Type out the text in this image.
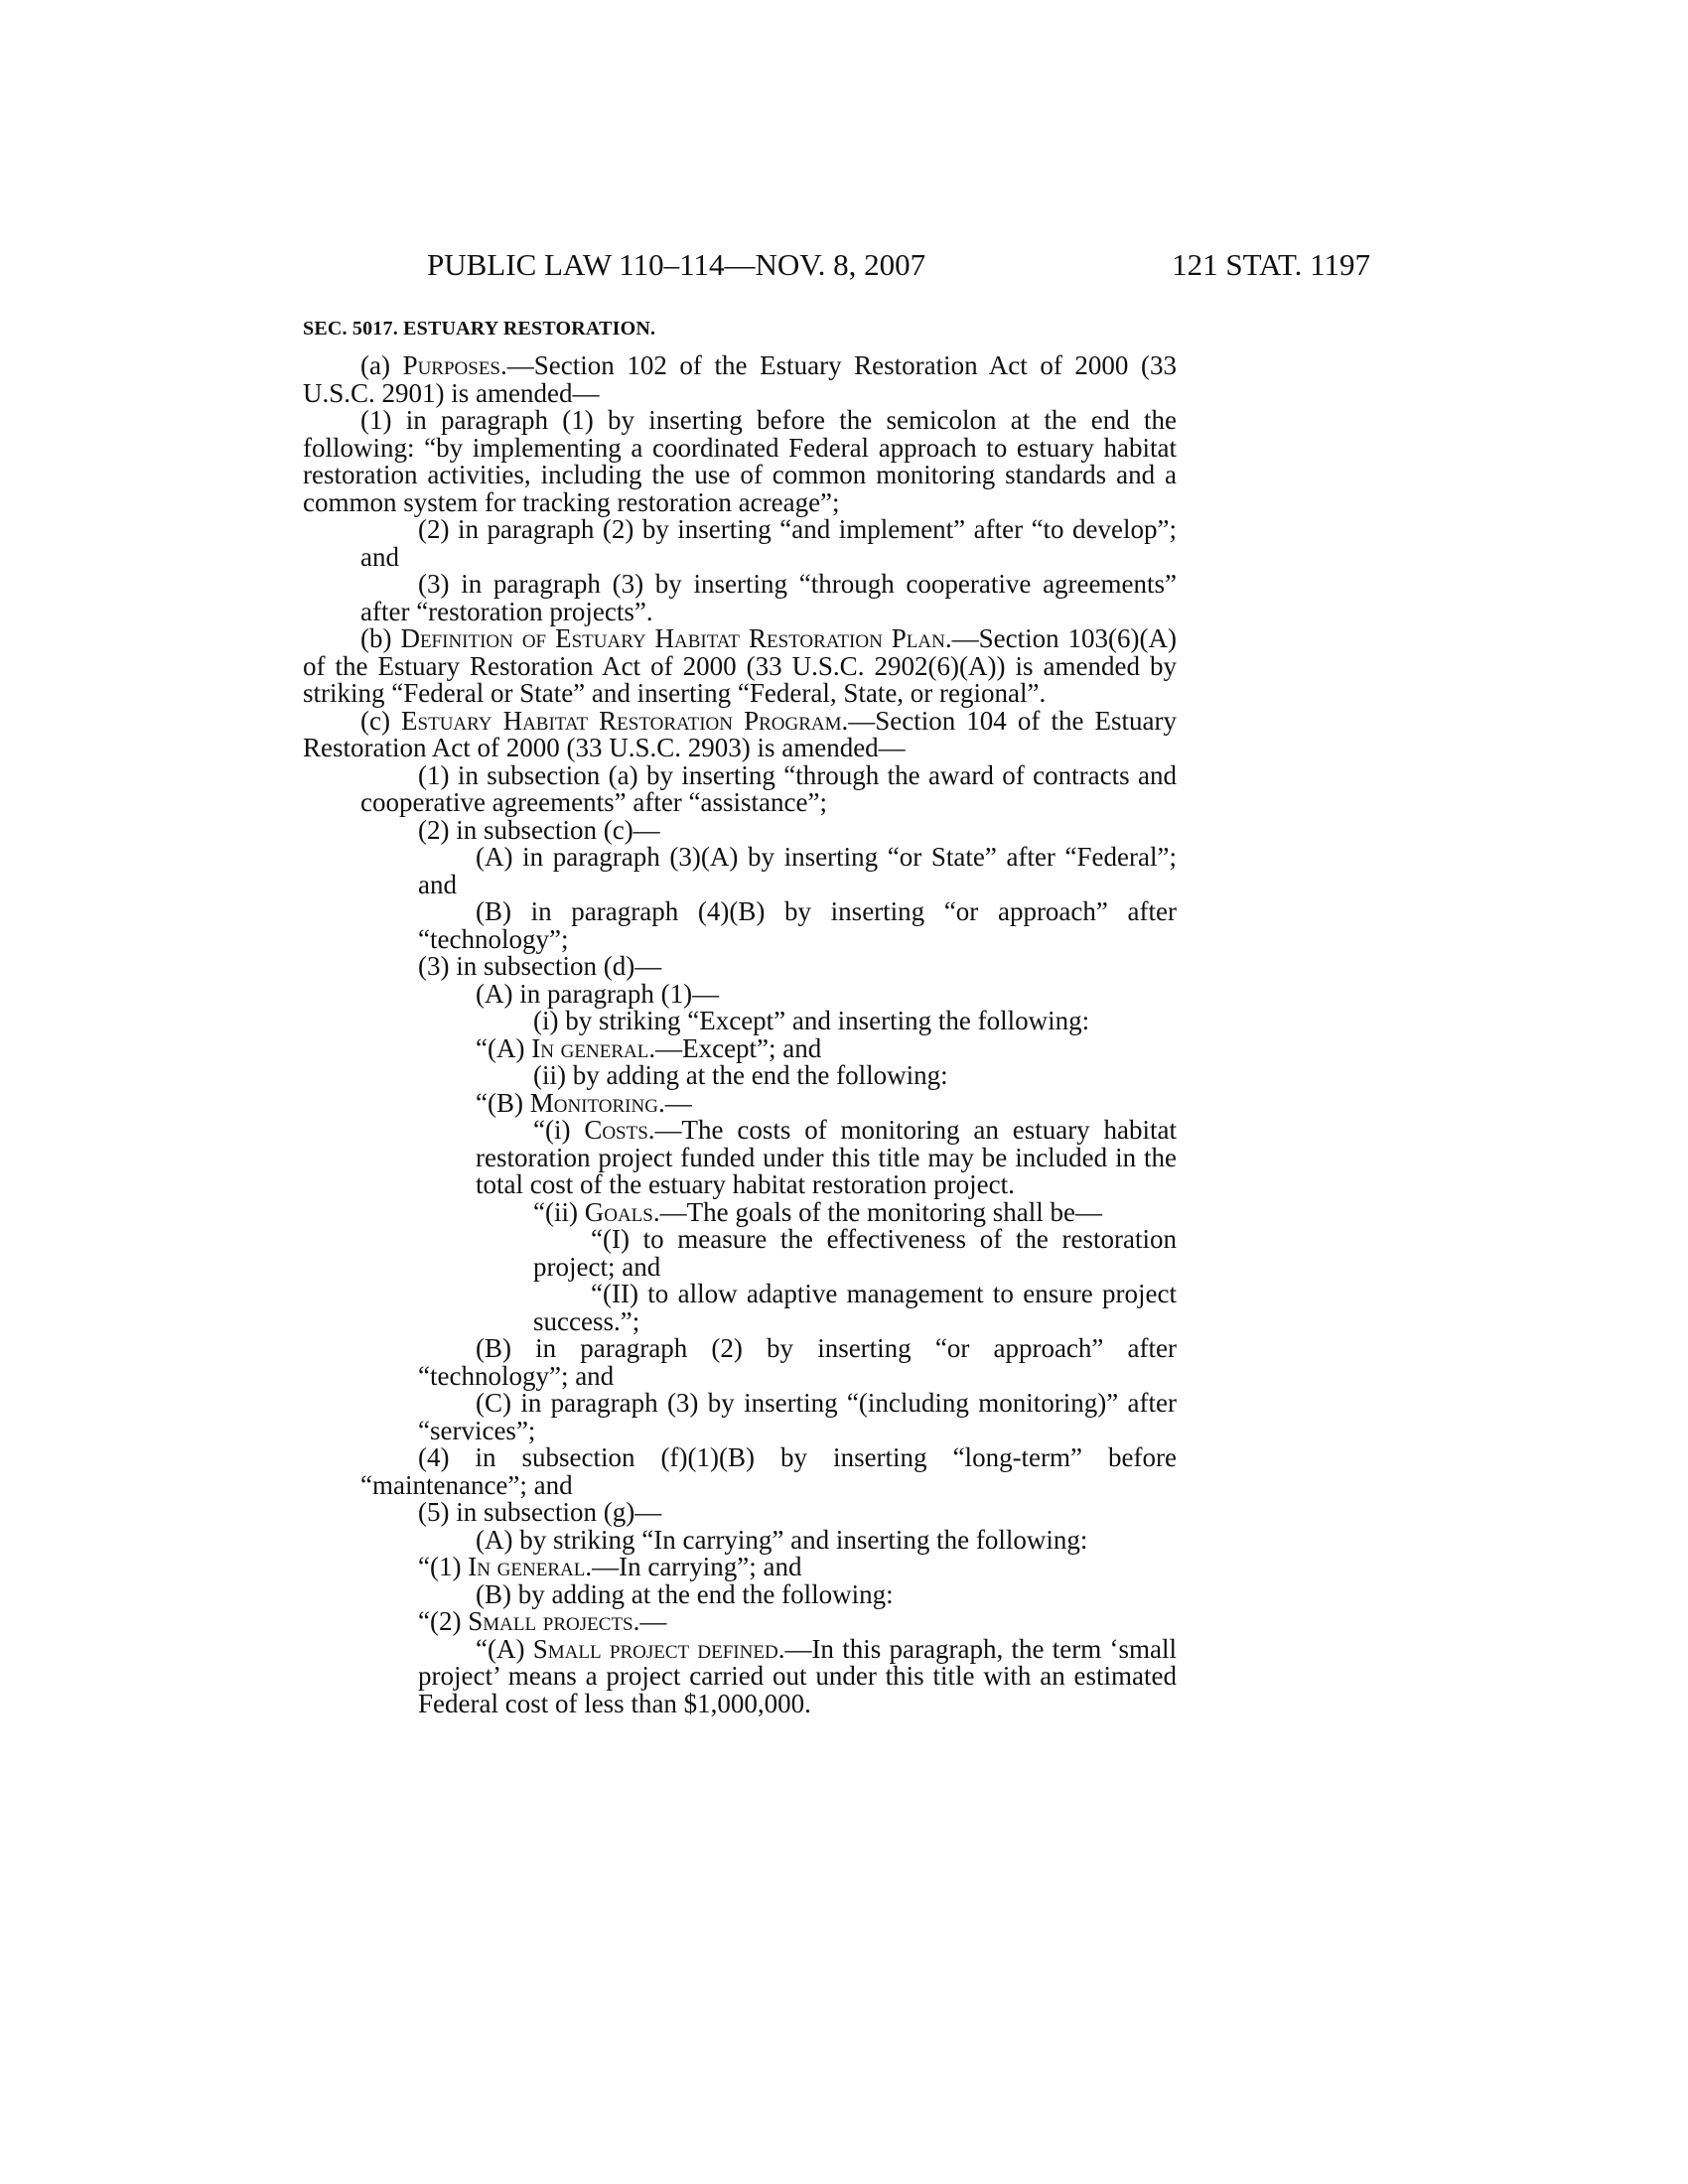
PUBLIC LAW 110–114—NOV. 8, 2007	121 STAT. 1197
SEC. 5017. ESTUARY RESTORATION.

(a) Purposes.—Section 102 of the Estuary Restoration Act of 2000 (33 U.S.C. 2901) is amended—

(1) in paragraph (1) by inserting before the semicolon at the end the following: “by implementing a coordinated Federal approach to estuary habitat restoration activities, including the use of common monitoring standards and a common system for tracking restoration acreage”;

(2) in paragraph (2) by inserting “and implement” after “to develop”; and

(3) in paragraph (3) by inserting “through cooperative agreements” after “restoration projects”.

(b) Definition of Estuary Habitat Restoration Plan.—Section 103(6)(A) of the Estuary Restoration Act of 2000 (33 U.S.C. 2902(6)(A)) is amended by striking “Federal or State” and inserting “Federal, State, or regional”.

(c) Estuary Habitat Restoration Program.—Section 104 of the Estuary Restoration Act of 2000 (33 U.S.C. 2903) is amended—

(1) in subsection (a) by inserting “through the award of contracts and cooperative agreements” after “assistance”;

(2) in subsection (c)—

(A) in paragraph (3)(A) by inserting “or State” after “Federal”; and

(B) in paragraph (4)(B) by inserting “or approach” after “technology”;

(3) in subsection (d)—

(A) in paragraph (1)—

(i) by striking “Except” and inserting the following:

“(A) In general.—Except”; and

(ii) by adding at the end the following:

“(B) Monitoring.—

“(i) Costs.—The costs of monitoring an estuary habitat restoration project funded under this title may be included in the total cost of the estuary habitat restoration project.

“(ii) Goals.—The goals of the monitoring shall be—

“(I) to measure the effectiveness of the restoration project; and

“(II) to allow adaptive management to ensure project success.”;

(B) in paragraph (2) by inserting “or approach” after “technology”; and

(C) in paragraph (3) by inserting “(including monitoring)” after “services”;

(4) in subsection (f)(1)(B) by inserting “long-term” before “maintenance”; and

(5) in subsection (g)—

(A) by striking “In carrying” and inserting the following:

“(1) In general.—In carrying”; and

(B) by adding at the end the following:

“(2) Small projects.—

“(A) Small project defined.—In this paragraph, the term ‘small project’ means a project carried out under this title with an estimated Federal cost of less than $1,000,000.
